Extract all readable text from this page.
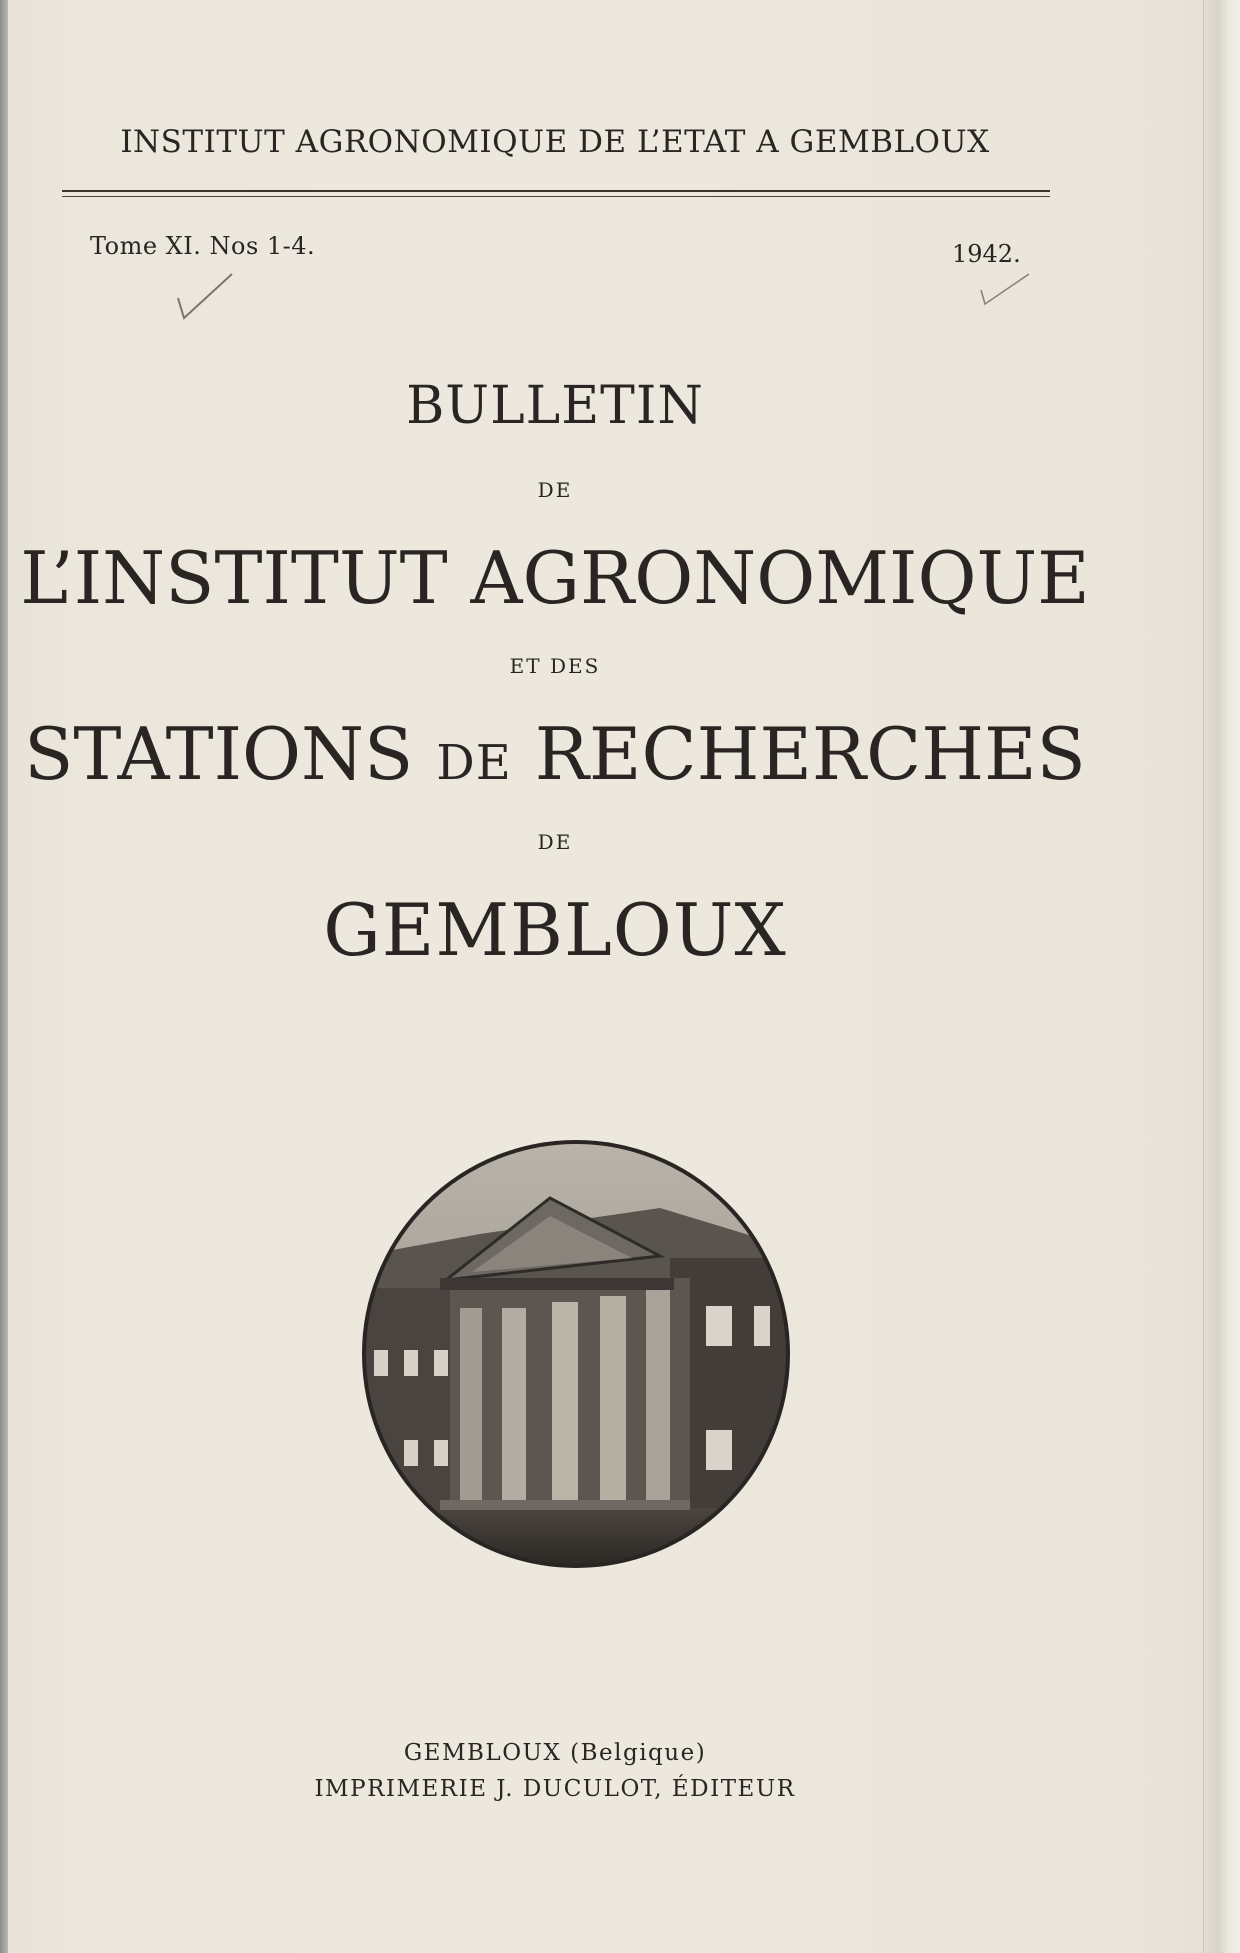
INSTITUT AGRONOMIQUE DE L’ETAT A GEMBLOUX
Tome XI. Nos 1-4.	1942.
BULLETIN
DE
L’INSTITUT AGRONOMIQUE
ET DES
STATIONS DE RECHERCHES
DE
GEMBLOUX
GEMBLOUX (Belgique)
IMPRIMERIE J. DUCULOT, ÉDITEUR
